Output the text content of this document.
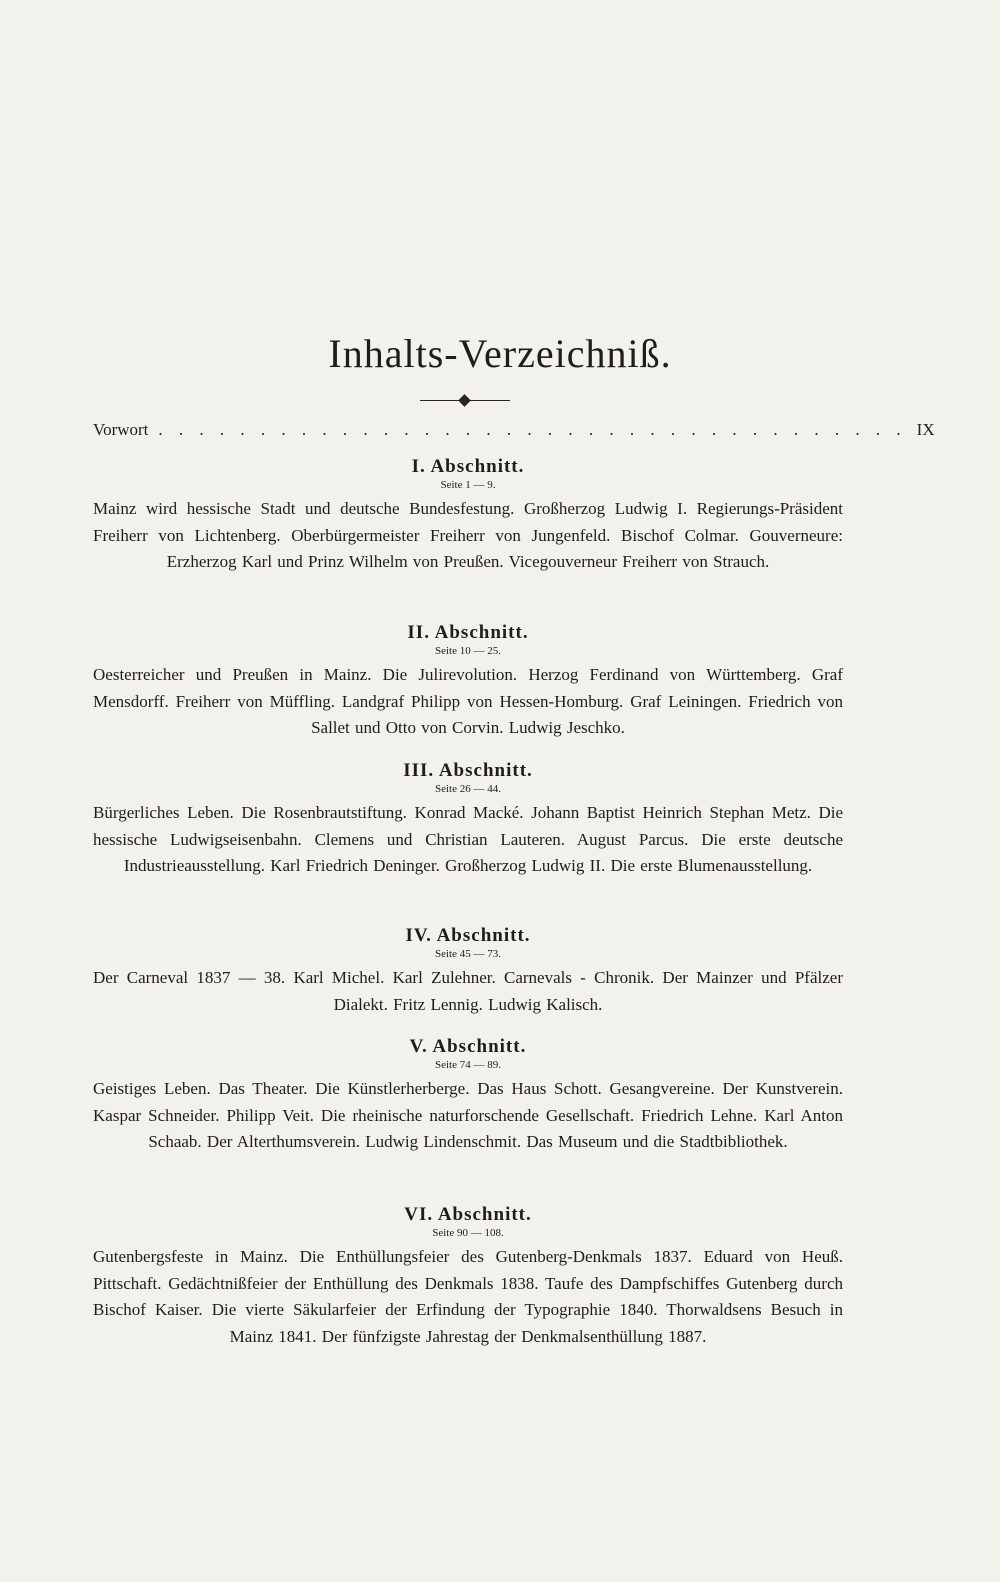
Inhalts-Verzeichniß.
Vorwort . . . . . . . . . . . . . . . . . . . . . . . . . . . . . . . . . . . . . IX
I. Abschnitt.
Seite 1 — 9.
Mainz wird hessische Stadt und deutsche Bundesfestung. Großherzog Ludwig I. Regierungs-Präsident Freiherr von Lichtenberg. Oberbürgermeister Freiherr von Jungenfeld. Bischof Colmar. Gouverneure: Erzherzog Karl und Prinz Wilhelm von Preußen. Vicegouverneur Freiherr von Strauch.
II. Abschnitt.
Seite 10 — 25.
Oesterreicher und Preußen in Mainz. Die Julirevolution. Herzog Ferdinand von Württemberg. Graf Mensdorff. Freiherr von Müffling. Landgraf Philipp von Hessen-Homburg. Graf Leiningen. Friedrich von Sallet und Otto von Corvin. Ludwig Jeschko.
III. Abschnitt.
Seite 26 — 44.
Bürgerliches Leben. Die Rosenbrautstiftung. Konrad Macké. Johann Baptist Heinrich Stephan Metz. Die hessische Ludwigseisenbahn. Clemens und Christian Lauteren. August Parcus. Die erste deutsche Industrieausstellung. Karl Friedrich Deninger. Großherzog Ludwig II. Die erste Blumenausstellung.
IV. Abschnitt.
Seite 45 — 73.
Der Carneval 1837 — 38. Karl Michel. Karl Zulehner. Carnevals - Chronik. Der Mainzer und Pfälzer Dialekt. Fritz Lennig. Ludwig Kalisch.
V. Abschnitt.
Seite 74 — 89.
Geistiges Leben. Das Theater. Die Künstlerherberge. Das Haus Schott. Gesangvereine. Der Kunstverein. Kaspar Schneider. Philipp Veit. Die rheinische naturforschende Gesellschaft. Friedrich Lehne. Karl Anton Schaab. Der Alterthumsverein. Ludwig Lindenschmit. Das Museum und die Stadtbibliothek.
VI. Abschnitt.
Seite 90 — 108.
Gutenbergsfeste in Mainz. Die Enthüllungsfeier des Gutenberg-Denkmals 1837. Eduard von Heuß. Pittschaft. Gedächtnißfeier der Enthüllung des Denkmals 1838. Taufe des Dampfschiffes Gutenberg durch Bischof Kaiser. Die vierte Säkularfeier der Erfindung der Typographie 1840. Thorwaldsens Besuch in Mainz 1841. Der fünfzigste Jahrestag der Denkmalsenthüllung 1887.
